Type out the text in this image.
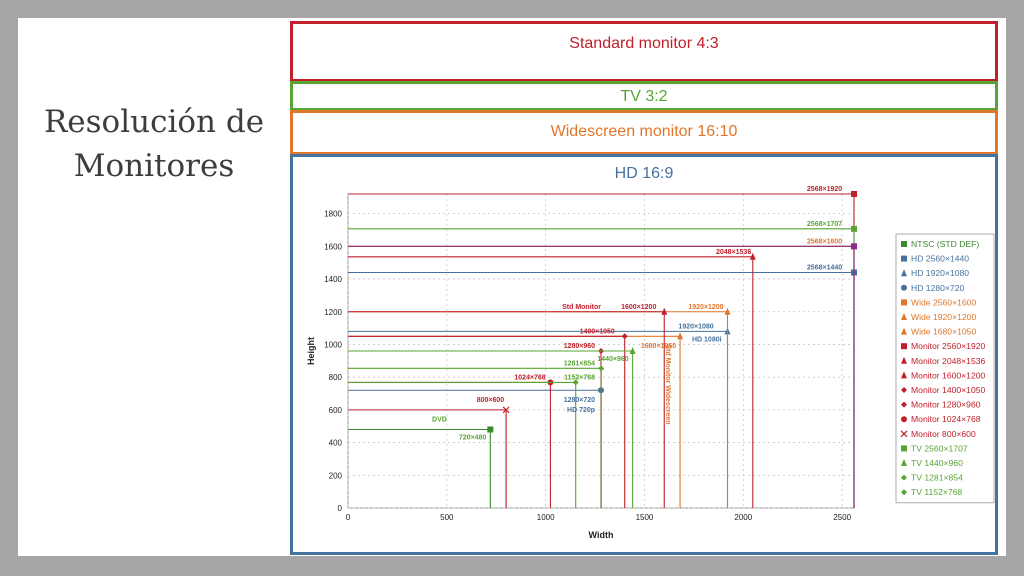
Resolución de
Monitores
Standard monitor 4:3
TV 3:2
Widescreen monitor 16:10
HD 16:9
0
200
400
600
800
1000
1200
1400
1600
1800
0	500	1000	1500	2000	2500
Width
Height
2568×1920
2568×1707
2568×1600
2048×1536
2568×1440
Std Monitor	1600×1200	1920×1200
1400×1050
1920×1080
HD 1080i
1280×960	1680×1050
1281×854
1440×960
1024×768	1152×768
1280×720
HD 720p
800×600
DVD
720×480
Std Monitor Widescreen
NTSC (STD DEF)
HD 2560×1440
HD 1920×1080
HD 1280×720
Wide 2560×1600
Wide 1920×1200
Wide 1680×1050
Monitor 2560×1920
Monitor 2048×1536
Monitor 1600×1200
Monitor 1400×1050
Monitor 1280×960
Monitor 1024×768
Monitor 800×600
TV 2560×1707
TV 1440×960
TV 1281×854
TV 1152×768
